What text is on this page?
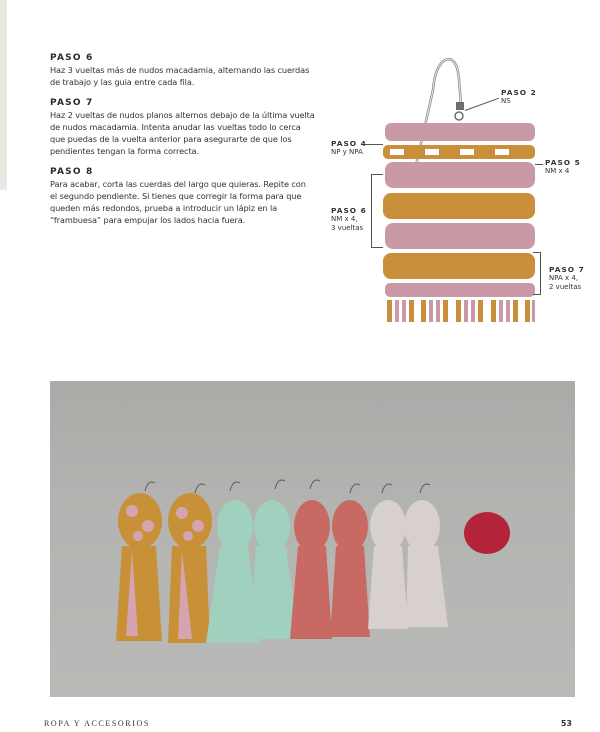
PASO 6
Haz 3 vueltas más de nudos macadamia, alternando las cuerdas de trabajo y las guia entre cada fila.
PASO 7
Haz 2 vueltas de nudos planos alternos debajo de la última vuelta de nudos macadamia. Intenta anudar las vueltas todo lo cerca que puedas de la vuelta anterior para asegurarte de que los pendientes tengan la forma correcta.
PASO 8
Para acabar, corta las cuerdas del largo que quieras. Repite con el segundo pendiente. Si tienes que corregir la forma para que queden más redondos, prueba a introducir un lápiz en la “frambuesa” para empujar los lados hacia fuera.
PASO 2
NS
PASO 4
NP y NPA
PASO 5
NM x 4
PASO 6
NM x 4,
3 vueltas
PASO 7
NPA x 4,
2 vueltas
ROPA Y ACCESORIOS	53
